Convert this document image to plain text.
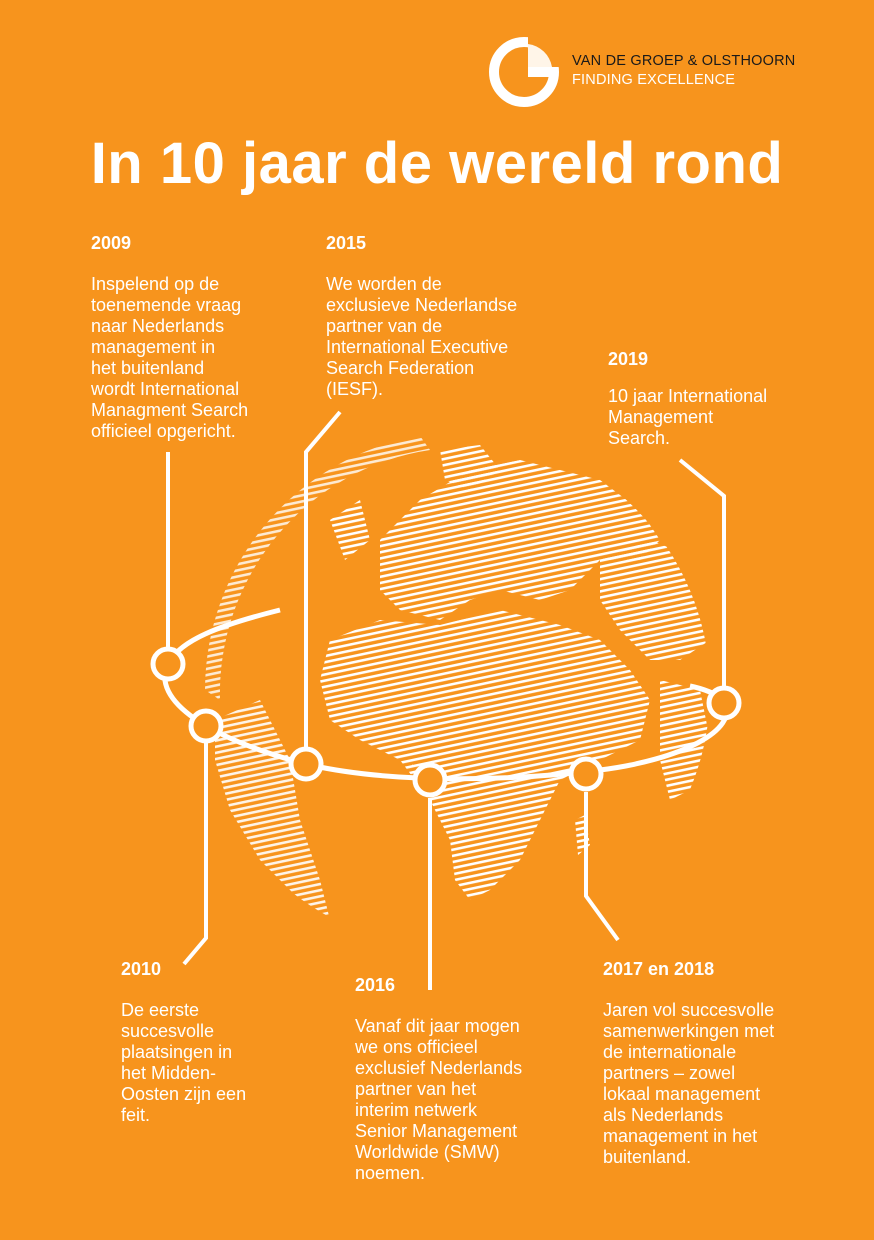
VAN DE GROEP & OLSTHOORN
FINDING EXCELLENCE
In 10 jaar de wereld rond

2009

Inspelend op de
toenemende vraag
naar Nederlands
management in
het buitenland
wordt International
Managment Search
officieel opgericht.

2015

We worden de
exclusieve Nederlandse
partner van de
International Executive
Search Federation
(IESF).

2019

10 jaar International
Management
Search.

2010

De eerste
succesvolle
plaatsingen in
het Midden-
Oosten zijn een
feit.

2016

Vanaf dit jaar mogen
we ons officieel
exclusief Nederlands
partner van het
interim netwerk
Senior Management
Worldwide (SMW)
noemen.

2017 en 2018

Jaren vol succesvolle
samenwerkingen met
de internationale
partners – zowel
lokaal management
als Nederlands
management in het
buitenland.
